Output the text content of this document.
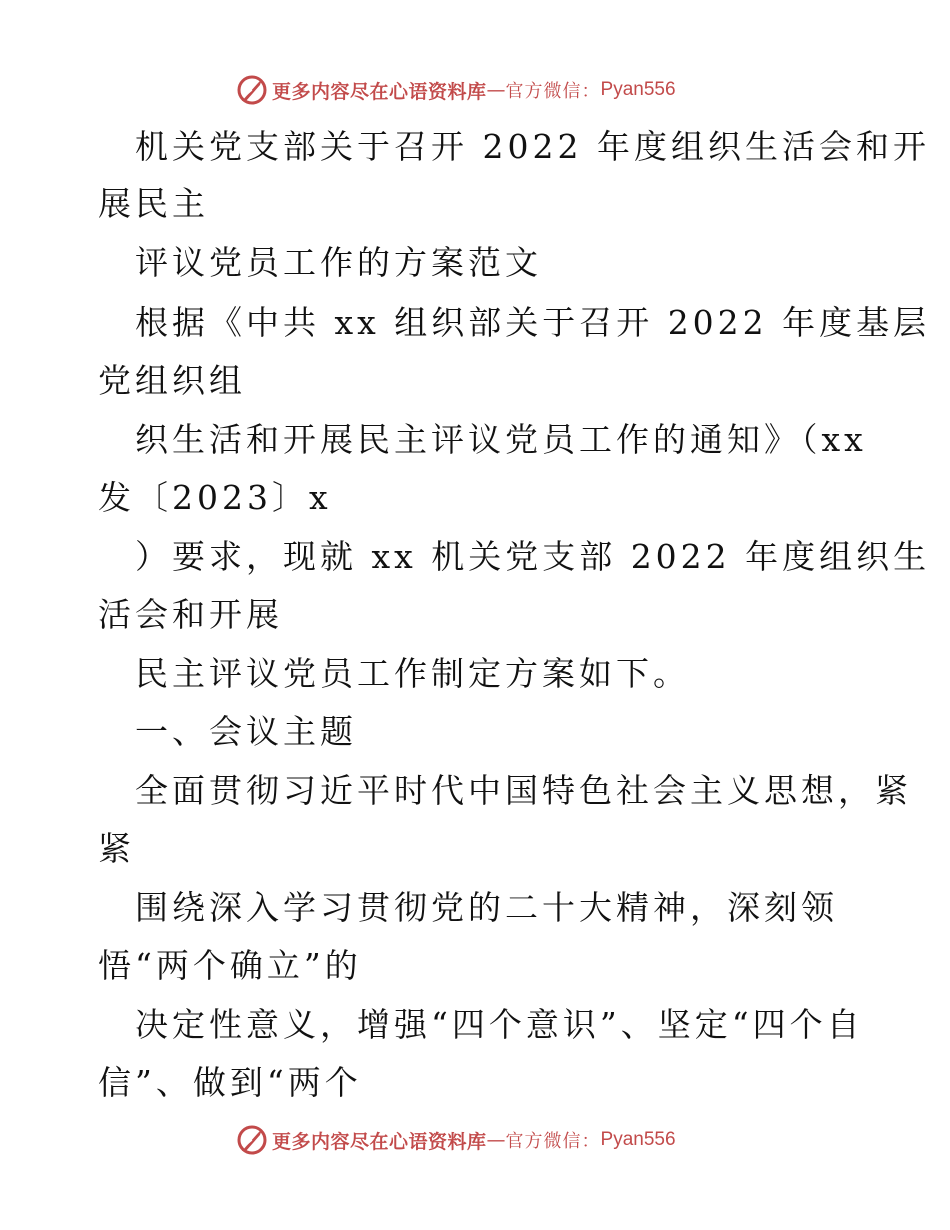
更多内容尽在心语资料库 — 官方微信： Pyan556
机关党支部关于召开 2022 年度组织生活会和开
展民主
评议党员工作的方案范文
根据《中共 xx 组织部关于召开 2022 年度基层
党组织组
织生活和开展民主评议党员工作的通知》（xx
发〔2023〕x
）要求，现就 xx 机关党支部 2022 年度组织生
活会和开展
民主评议党员工作制定方案如下。
一、会议主题
全面贯彻习近平时代中国特色社会主义思想，紧
紧
围绕深入学习贯彻党的二十大精神，深刻领
悟“两个确立”的
决定性意义，增强“四个意识”、坚定“四个自
信”、做到“两个
更多内容尽在心语资料库 — 官方微信： Pyan556
